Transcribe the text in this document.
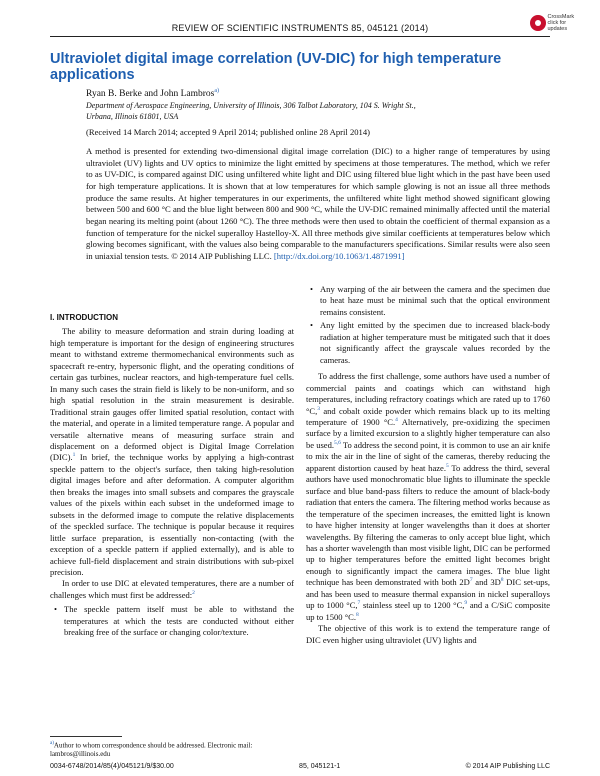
REVIEW OF SCIENTIFIC INSTRUMENTS 85, 045121 (2014)
CrossMark
click for updates
Ultraviolet digital image correlation (UV-DIC) for high temperature applications
Ryan B. Berke and John Lambros$^{a)}$
Department of Aerospace Engineering, University of Illinois, 306 Talbot Laboratory, 104 S. Wright St.,
Urbana, Illinois 61801, USA
(Received 14 March 2014; accepted 9 April 2014; published online 28 April 2014)

A method is presented for extending two-dimensional digital image correlation (DIC) to a higher range of temperatures by using ultraviolet (UV) lights and UV optics to minimize the light emitted by specimens at those temperatures. The method, which we refer to as UV-DIC, is compared against DIC using unfiltered white light and DIC using filtered blue light which in the past have been used for high temperature applications. It is shown that at low temperatures for which sample glowing is not an issue all three methods produce the same results. At higher temperatures in our experiments, the unfiltered white light method showed significant glowing between 500 and 600 °C and the blue light between 800 and 900 °C, while the UV-DIC remained minimally affected until the material began nearing its melting point (about 1260 °C). The three methods were then used to obtain the coefficient of thermal expansion as a function of temperature for the nickel superalloy Hastelloy-X. All three methods give similar coefficients at temperatures below which glowing becomes significant, with the values also being comparable to the manufacturers specifications. Similar results were also seen in uniaxial tension tests. © 2014 AIP Publishing LLC. [http://dx.doi.org/10.1063/1.4871991]

I. INTRODUCTION

The ability to measure deformation and strain during loading at high temperature is important for the design of engineering structures meant to withstand extreme thermomechanical environments such as spacecraft re-entry, hypersonic flight, and the operating conditions of certain gas turbines, nuclear reactors, and high-temperature fuel cells. In many such cases the strain field is likely to be non-uniform, and so high spatial resolution in the strain measurement is desirable. Traditional strain gauges offer limited spatial resolution, contact with the material, and operate in a limited temperature range. A popular and versatile alternative means of measuring surface strain and displacement on a deformed object is Digital Image Correlation (DIC).$^1$ In brief, the technique works by applying a high-contrast speckle pattern to the object's surface, then taking high-resolution digital images before and after deformation. A computer algorithm then breaks the images into small subsets and compares the grayscale values of the pixels within each subset in the undeformed image to subsets in the deformed image to compute the relative displacements of the speckled surface. The technique is popular because it requires little surface preparation, is essentially non-contacting (with the exception of a speckle pattern if applied externally), and is able to achieve full-field displacement and strain distributions with sub-pixel precision.

In order to use DIC at elevated temperatures, there are a number of challenges which must first be addressed:$^2$

• The speckle pattern itself must be able to withstand the temperatures at which the tests are conducted without either breaking free of the surface or changing color/texture.
• Any warping of the air between the camera and the specimen due to heat haze must be minimal such that the optical environment remains consistent.
• Any light emitted by the specimen due to increased black-body radiation at higher temperature must be mitigated such that it does not significantly affect the grayscale values recorded by the cameras.

To address the first challenge, some authors have used a number of commercial paints and coatings which can withstand high temperatures, including refractory coatings which are rated up to 1760 °C,$^3$ and cobalt oxide powder which remains black up to its melting temperature of 1900 °C.$^4$ Alternatively, pre-oxidizing the specimen surface by a limited excursion to a slightly higher temperature can also be used.$^{5,6}$ To address the second point, it is common to use an air knife to mix the air in the line of sight of the cameras, thereby reducing the apparent distortion caused by heat haze.$^5$ To address the third, several authors have used monochromatic blue lights to illuminate the speckle surface and blue band-pass filters to reduce the amount of black-body radiation that enters the camera. The filtering method works because as the temperature of the specimen increases, the emitted light is known to have higher intensity at longer wavelengths than it does at shorter wavelengths. By filtering the cameras to only accept blue light, which has a shorter wavelength than most visible light, DIC can be performed up to higher temperatures before the emitted light becomes bright enough to significantly impact the camera images. The blue light technique has been demonstrated with both $2D^7$ and $3D^8$ DIC set-ups, and has been used to measure thermal expansion in nickel superalloys up to 1000 °C,$^7$ stainless steel up to 1200 °C,$^9$ and a C/SiC composite up to 1500 °C.$^8$

The objective of this work is to extend the temperature range of DIC even higher using ultraviolet (UV) lights and

$^{a)}$Author to whom correspondence should be addressed. Electronic mail: lambros@illinois.edu
0034-6748/2014/85(4)/045121/9/$30.00	85, 045121-1	© 2014 AIP Publishing LLC
